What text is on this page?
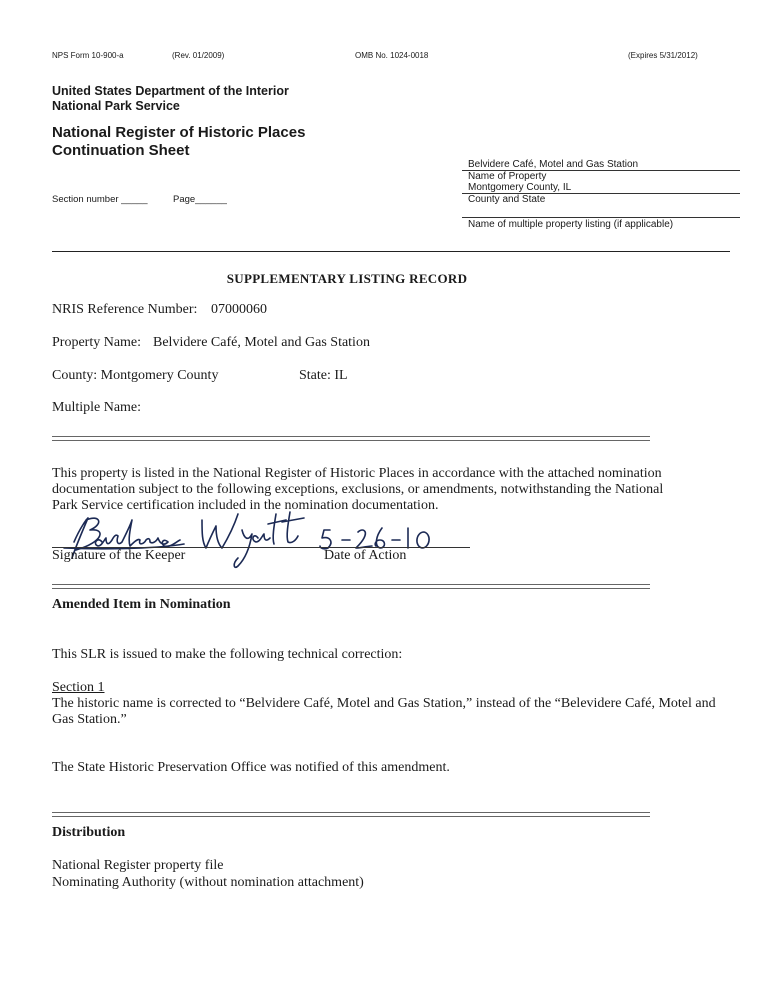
NPS Form 10-900-a	(Rev. 01/2009)	OMB No. 1024-0018	(Expires 5/31/2012)
United States Department of the Interior
National Park Service
National Register of Historic Places
Continuation Sheet
Section number _____	Page______
Belvidere Café, Motel and Gas Station
Name of Property
Montgomery County, IL
County and State
Name of multiple property listing (if applicable)
SUPPLEMENTARY LISTING RECORD
NRIS Reference Number: 07000060
Property Name: Belvidere Café, Motel and Gas Station
County: Montgomery County	State: IL
Multiple Name:
This property is listed in the National Register of Historic Places in accordance with the attached nomination
documentation subject to the following exceptions, exclusions, or amendments, notwithstanding the National
Park Service certification included in the nomination documentation.
Signature of the Keeper	Date of Action
Amended Item in Nomination
This SLR is issued to make the following technical correction:
Section 1
The historic name is corrected to “Belvidere Café, Motel and Gas Station,” instead of the “Belevidere Café, Motel and
Gas Station.”
The State Historic Preservation Office was notified of this amendment.
Distribution
National Register property file
Nominating Authority (without nomination attachment)
